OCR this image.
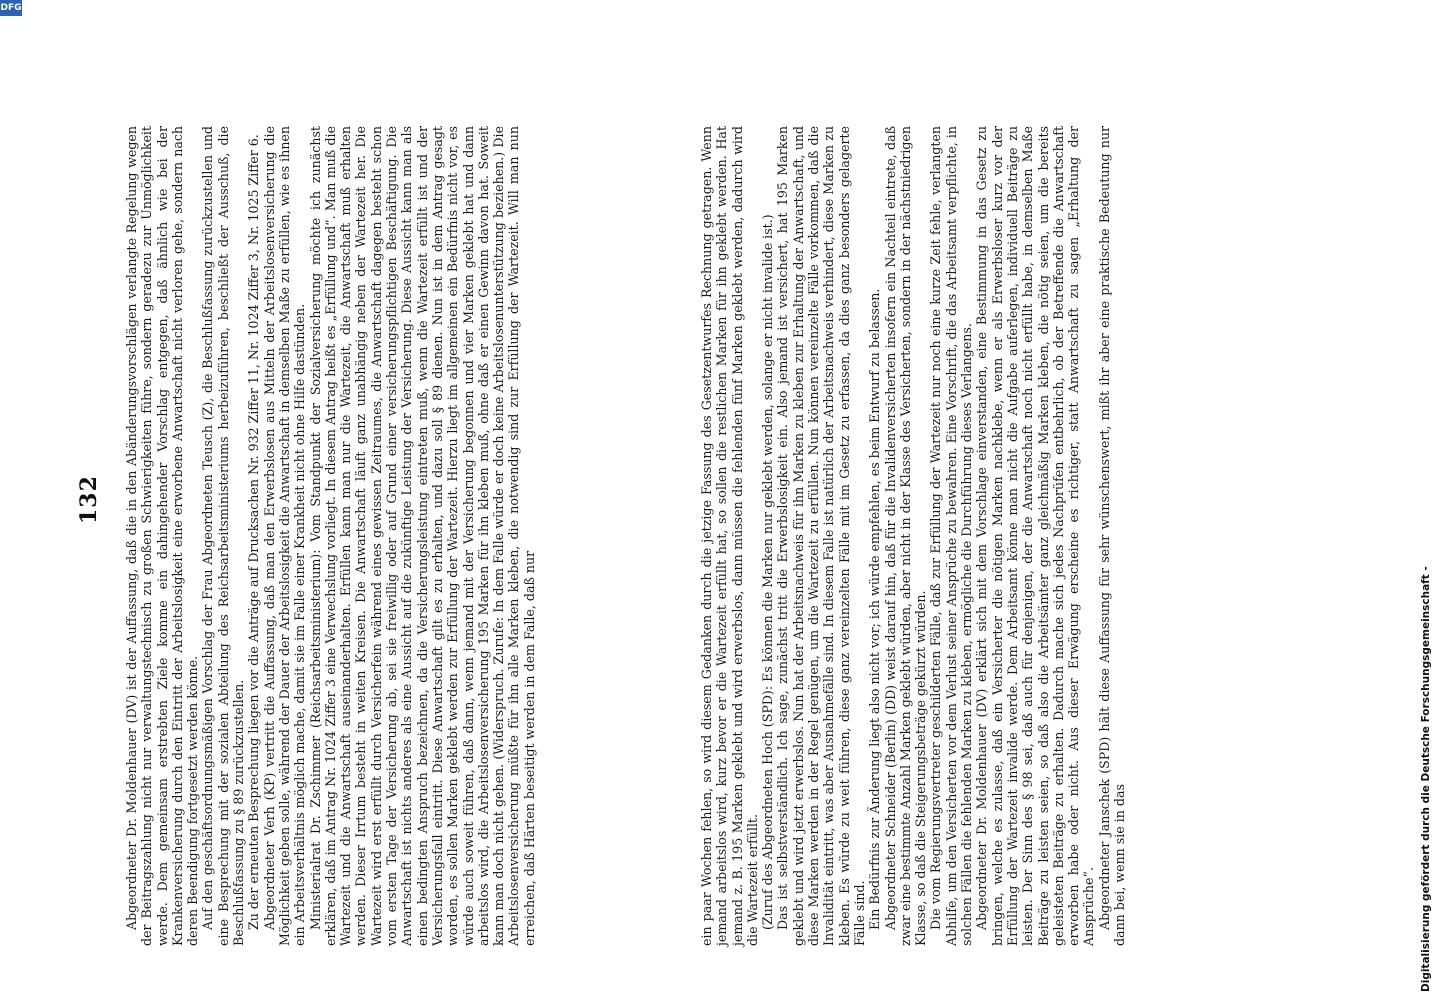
132 Abgeordneter Dr. Moldenhauer (DV) ist der Auffassung, daß die in den Abänderungsvorschlägen verlangte Regelung wegen der Beitragszahlung nicht nur verwaltungstechnisch zu großen Schwierigkeiten führe, sondern geradezu zur Unmöglichkeit werde. Dem gemeinsam erstrebten Ziele komme ein dahingehender Vorschlag entgegen, daß ähnlich wie bei der Krankenversicherung durch den Eintritt der Arbeitslosigkeit eine erworbene Anwartschaft nicht verloren gehe, sondern nach deren Beendigung fortgesetzt werden könne. Auf den geschäftsordnungsmäßigen Vorschlag der Frau Abgeordneten Teusch (Z), die Beschlußfassung zurückzustellen und eine Besprechung mit der sozialen Abteilung des Reichsarbeitsministeriums herbeizuführen, beschließt der Ausschuß, die Beschlußfassung zu § 89 zurückzustellen. Zu der erneuten Besprechung liegen vor die Anträge auf Drucksachen Nr. 932 Ziffer 11, Nr. 1024 Ziffer 3, Nr. 1025 Ziffer 6. Abgeordneter Verh (KP) vertritt die Auffassung, daß man den Erwerbslosen aus Mitteln der Arbeitslosenversicherung die Möglichkeit geben solle, während der Dauer der Arbeitslosigkeit die Anwartschaft in demselben Maße zu erfüllen, wie es ihnen ein Arbeitsverhältnis möglich mache, damit sie im Falle einer Krankheit nicht ohne Hilfe dastünden. Ministerialrat Dr. Zschimmer (Reichsarbeitsministerium): Vom Standpunkt der Sozialversicherung möchte ich zunächst erklären, daß im Antrag Nr. 1024 Ziffer 3 eine Verwechslung vorliegt. In diesem Antrag heißt es „Erfüllung und“. Man muß die Wartezeit und die Anwartschaft auseinanderhalten. Erfüllen kann man nur die Wartezeit, die Anwartschaft muß erhalten werden. Dieser Irrtum besteht in weiten Kreisen. Die Anwartschaft läuft ganz unabhängig neben der Wartezeit her. Die Wartezeit wird erst erfüllt durch Versicherfein während eines gewissen Zeitraumes, die Anwartschaft dagegen besteht schon vom ersten Tage der Versicherung ab, sei sie freiwillig oder auf Grund einer versicherungspflichtigen Beschäftigung. Die Anwartschaft ist nichts anderes als eine Aussicht auf die zukünftige Leistung der Versicherung. Diese Aussicht kann man als einen bedingten Anspruch bezeichnen, da die Versicherungsleistung eintreten muß, wenn die Wartezeit erfüllt ist und der Versicherungsfall eintritt. Diese Anwartschaft gilt es zu erhalten, und dazu soll § 89 dienen. Nun ist in dem Antrag gesagt worden, es sollen Marken geklebt werden zur Erfüllung der Wartezeit. Hierzu liegt im allgemeinen ein Bedürfnis nicht vor, es würde auch soweit führen, daß dann, wenn jemand mit der Versicherung begonnen und vier Marken geklebt hat und dann arbeitslos wird, die Arbeitslosenversicherung 195 Marken für ihn kleben muß, ohne daß er einen Gewinn davon hat. Soweit kann man doch nicht gehen. (Widerspruch. Zurufe: In dem Falle würde er doch keine Arbeitslosenunterstützung beziehen.) Die Arbeitslosenversicherung müßte für ihn alle Marken kleben, die notwendig sind zur Erfüllung der Wartezeit. Will man nun erreichen, daß Härten beseitigt werden in dem Falle, daß nur	ein paar Wochen fehlen, so wird diesem Gedanken durch die jetzige Fassung des Gesetzentwurfes Rechnung getragen. Wenn jemand arbeitslos wird, kurz bevor er die Wartezeit erfüllt hat, so sollen die restlichen Marken für ihn geklebt werden. Hat jemand z. B. 195 Marken geklebt und wird erwerbslos, dann müssen die fehlenden fünf Marken geklebt werden, dadurch wird die Wartezeit erfüllt. (Zuruf des Abgeordneten Hoch (SPD): Es können die Marken nur geklebt werden, solange er nicht invalide ist.) Das ist selbstverständlich. Ich sage, zunächst tritt die Erwerbslosigkeit ein. Also jemand ist versichert, hat 195 Marken geklebt und wird jetzt erwerbslos. Nun hat der Arbeitsnachweis für ihn Marken zu kleben zur Erhaltung der Anwartschaft, und diese Marken werden in der Regel genügen, um die Wartezeit zu erfüllen. Nun können vereinzelte Fälle vorkommen, daß die Invalidität eintritt, was aber Ausnahmefälle sind. In diesem Falle ist natürlich der Arbeitsnachweis verhindert, diese Marken zu kleben. Es würde zu weit führen, diese ganz vereinzelten Fälle mit im Gesetz zu erfassen, da dies ganz besonders gelagerte Fälle sind. Ein Bedürfnis zur Änderung liegt also nicht vor; ich würde empfehlen, es beim Entwurf zu belassen. Abgeordneter Schneider (Berlin) (DD) weist darauf hin, daß für die Invalidenversicherten insofern ein Nachteil eintrete, daß zwar eine bestimmte Anzahl Marken geklebt würden, aber nicht in der Klasse des Versicherten, sondern in der nächstniedrigen Klasse, so daß die Steigerungsbeträge gekürzt würden. Die vom Regierungsvertreter geschilderten Fälle, daß zur Erfüllung der Wartezeit nur noch eine kurze Zeit fehle, verlangten Abhilfe, um den Versicherten vor dem Verlust seiner Ansprüche zu bewahren. Eine Vorschrift, die das Arbeitsamt verpflichte, in solchen Fällen die fehlenden Marken zu kleben, ermögliche die Durchführung dieses Verlangens. Abgeordneter Dr. Moldenhauer (DV) erklärt sich mit dem Vorschlage einverstanden, eine Bestimmung in das Gesetz zu bringen, welche es zulasse, daß ein Versicherter die nötigen Marken nachklebe, wenn er als Erwerbsloser kurz vor der Erfüllung der Wartezeit invalide werde. Dem Arbeitsamt könne man nicht die Aufgabe auferlegen, individuell Beiträge zu leisten. Der Sinn des § 98 sei, daß auch für denjenigen, der die Anwartschaft noch nicht erfüllt habe, in demselben Maße Beiträge zu leisten seien, so daß also die Arbeitsämter ganz gleichmäßig Marken kleben, die nötig seien, um die bereits geleisteten Beiträge zu erhalten. Dadurch mache sich jedes Nachprüfen entbehrlich, ob der Betreffende die Anwartschaft erworben habe oder nicht. Aus dieser Erwägung erscheine es richtiger, statt Anwartschaft zu sagen „Erhaltung der Ansprüche“. Abgeordneter Janschek (SPD) hält diese Auffassung für sehr wünschenswert, mißt ihr aber eine praktische Bedeutung nur dann bei, wenn sie in das	Digitalisierung gefördert durch die Deutsche Forschungsgemeinschaft -
DFG
